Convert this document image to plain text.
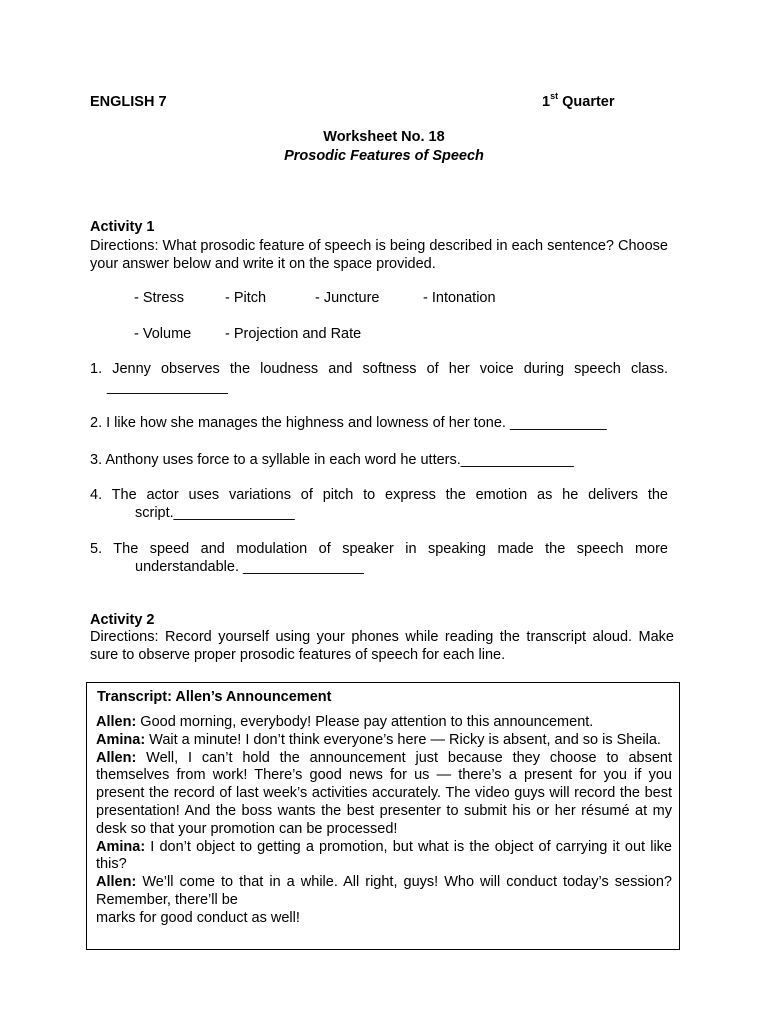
ENGLISH 7	1st Quarter
Worksheet No. 18
Prosodic Features of Speech
Activity 1
Directions: What prosodic feature of speech is being described in each sentence? Choose your answer below and write it on the space provided.
- Stress	- Pitch	- Juncture	- Intonation
- Volume - Projection and Rate
1. Jenny observes the loudness and softness of her voice during speech class.
_______________
2. I like how she manages the highness and lowness of her tone. ____________
3. Anthony uses force to a syllable in each word he utters.______________
4. The actor uses variations of pitch to express the emotion as he delivers the
script._______________
5. The speed and modulation of speaker in speaking made the speech more
understandable. _______________
Activity 2
Directions: Record yourself using your phones while reading the transcript aloud. Make sure to observe proper prosodic features of speech for each line.
Transcript: Allen’s Announcement
Allen: Good morning, everybody! Please pay attention to this announcement.
Amina: Wait a minute! I don’t think everyone’s here — Ricky is absent, and so is Sheila.
Allen: Well, I can’t hold the announcement just because they choose to absent themselves from work! There’s good news for us — there’s a present for you if you present the record of last week’s activities accurately. The video guys will record the best presentation! And the boss wants the best presenter to submit his or her résumé at my desk so that your promotion can be processed!
Amina: I don’t object to getting a promotion, but what is the object of carrying it out like this?
Allen: We’ll come to that in a while. All right, guys! Who will conduct today’s session? Remember, there’ll be
marks for good conduct as well!
